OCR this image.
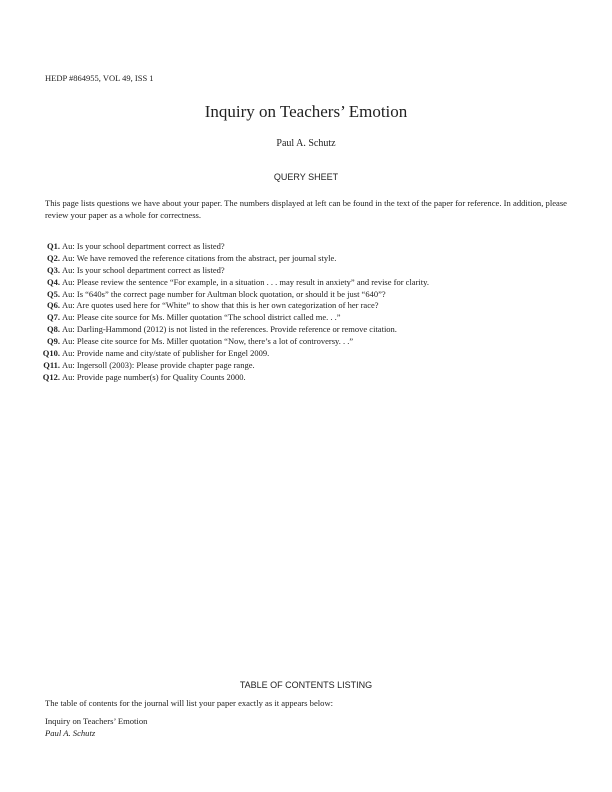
HEDP #864955, VOL 49, ISS 1
Inquiry on Teachers’ Emotion
Paul A. Schutz
QUERY SHEET
This page lists questions we have about your paper. The numbers displayed at left can be found in the text of the paper for reference. In addition, please review your paper as a whole for correctness.
Q1. Au: Is your school department correct as listed?
Q2. Au: We have removed the reference citations from the abstract, per journal style.
Q3. Au: Is your school department correct as listed?
Q4. Au: Please review the sentence “For example, in a situation . . . may result in anxiety” and revise for clarity.
Q5. Au: Is “640s” the correct page number for Aultman block quotation, or should it be just “640”?
Q6. Au: Are quotes used here for “White” to show that this is her own categorization of her race?
Q7. Au: Please cite source for Ms. Miller quotation “The school district called me. . .”
Q8. Au: Darling-Hammond (2012) is not listed in the references. Provide reference or remove citation.
Q9. Au: Please cite source for Ms. Miller quotation “Now, there’s a lot of controversy. . .”
Q10. Au: Provide name and city/state of publisher for Engel 2009.
Q11. Au: Ingersoll (2003): Please provide chapter page range.
Q12. Au: Provide page number(s) for Quality Counts 2000.
TABLE OF CONTENTS LISTING
The table of contents for the journal will list your paper exactly as it appears below:
Inquiry on Teachers’ Emotion
Paul A. Schutz
